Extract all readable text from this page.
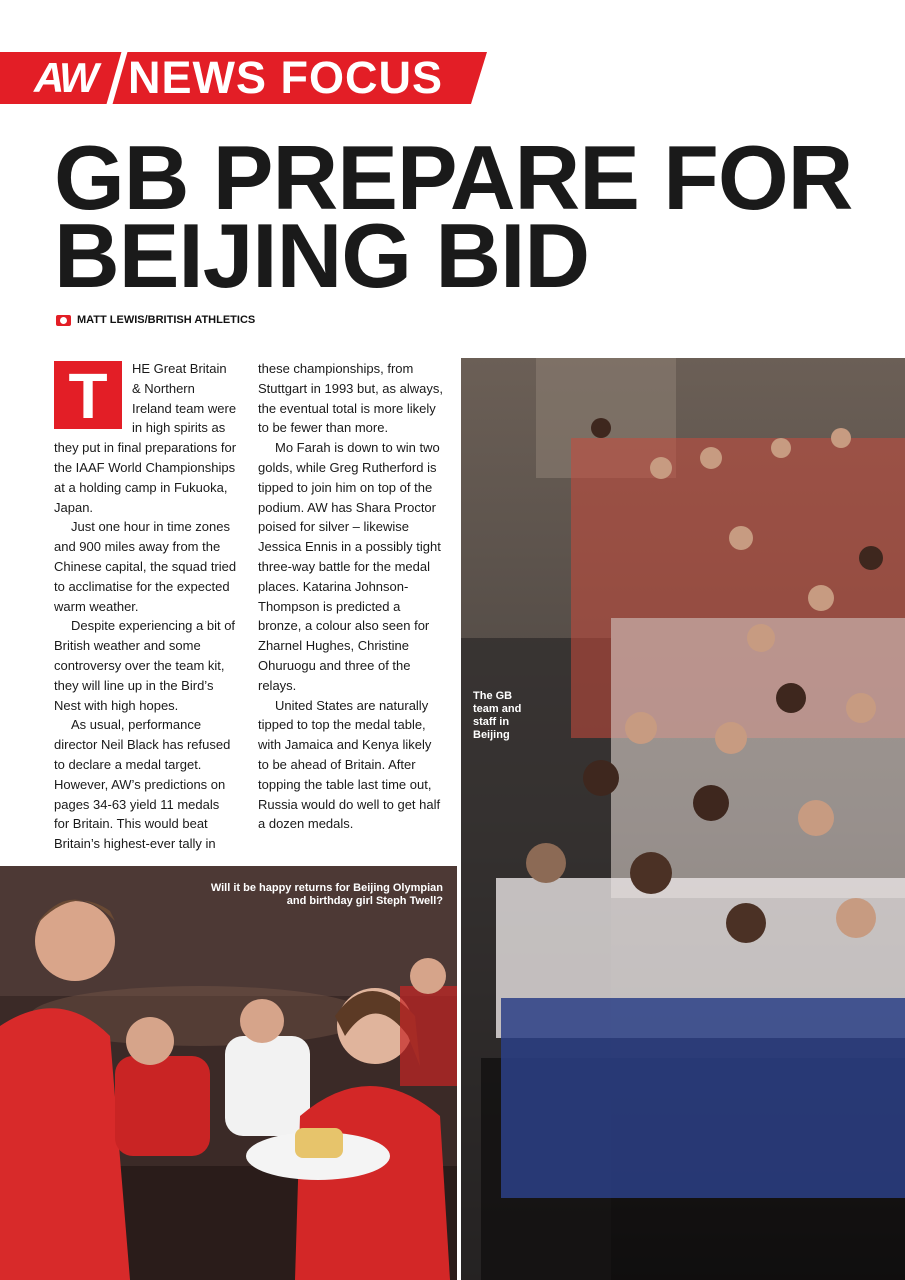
AW NEWS FOCUS
GB PREPARE FOR
BEIJING BID
MATT LEWIS/BRITISH ATHLETICS
T	HE Great Britain & Northern Ireland team were in high spirits as they put in final preparations for the IAAF World Championships at a holding camp in Fukuoka, Japan.

Just one hour in time zones and 900 miles away from the Chinese capital, the squad tried to acclimatise for the expected warm weather.

Despite experiencing a bit of British weather and some controversy over the team kit, they will line up in the Bird’s Nest with high hopes.

As usual, performance director Neil Black has refused to declare a medal target. However, AW’s predictions on pages 34-63 yield 11 medals for Britain. This would beat Britain’s highest-ever tally in

these championships, from Stuttgart in 1993 but, as always, the eventual total is more likely to be fewer than more.

Mo Farah is down to win two golds, while Greg Rutherford is tipped to join him on top of the podium. AW has Shara Proctor poised for silver – likewise Jessica Ennis in a possibly tight three-way battle for the medal places. Katarina Johnson-Thompson is predicted a bronze, a colour also seen for Zharnel Hughes, Christine Ohuruogu and three of the relays.

United States are naturally tipped to top the medal table, with Jamaica and Kenya likely to be ahead of Britain. After topping the table last time out, Russia would do well to get half a dozen medals.

The GB team and staff in Beijing
Will it be happy returns for Beijing Olympian and birthday girl Steph Twell?
